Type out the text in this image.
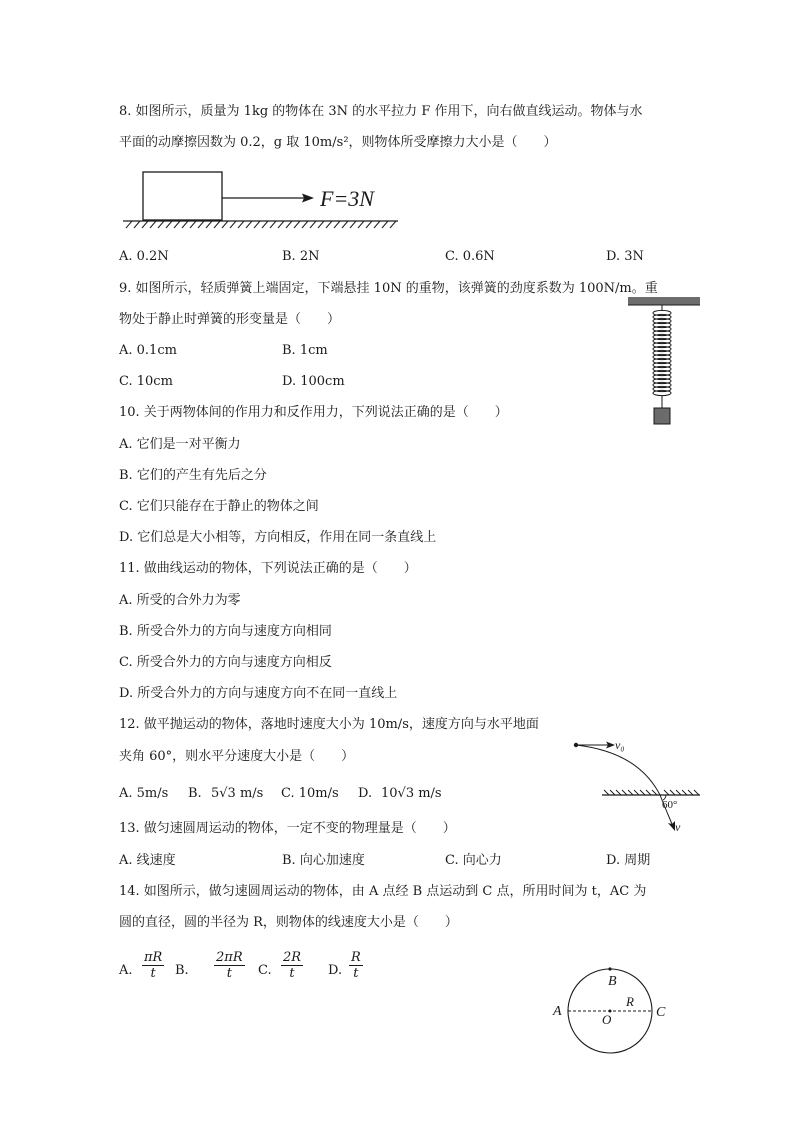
8. 如图所示，质量为 1kg 的物体在 3N 的水平拉力 F 作用下，向右做直线运动。物体与水
平面的动摩擦因数为 0.2，g 取 10m/s²，则物体所受摩擦力大小是（　　）
F=3N
A. 0.2N	B. 2N	C. 0.6N	D. 3N
9. 如图所示，轻质弹簧上端固定，下端悬挂 10N 的重物，该弹簧的劲度系数为 100N/m。重
物处于静止时弹簧的形变量是（　　）
A. 0.1cm	B. 1cm
C. 10cm	D. 100cm
10. 关于两物体间的作用力和反作用力，下列说法正确的是（　　）
A. 它们是一对平衡力
B. 它们的产生有先后之分
C. 它们只能存在于静止的物体之间
D. 它们总是大小相等，方向相反，作用在同一条直线上
11. 做曲线运动的物体，下列说法正确的是（　　）
A. 所受的合外力为零
B. 所受合外力的方向与速度方向相同
C. 所受合外力的方向与速度方向相反
D. 所受合外力的方向与速度方向不在同一直线上
12. 做平抛运动的物体，落地时速度大小为 10m/s，速度方向与水平地面
夹角 60°，则水平分速度大小是（　　）
A. 5m/s B. 5√3 m/s C. 10m/s D. 10√3 m/s
v₀
v
60°
13. 做匀速圆周运动的物体，一定不变的物理量是（　　）
A. 线速度	B. 向心加速度	C. 向心力	D. 周期
14. 如图所示，做匀速圆周运动的物体，由 A 点经 B 点运动到 C 点，所用时间为 t，AC 为
圆的直径，圆的半径为 R，则物体的线速度大小是（　　）
A. $\frac{\pi R}{t} B$. $\frac{2\pi R}{t} C$. $\frac{2R}{t} D$. $\frac{R}{t}$
A
B
C
O
R
